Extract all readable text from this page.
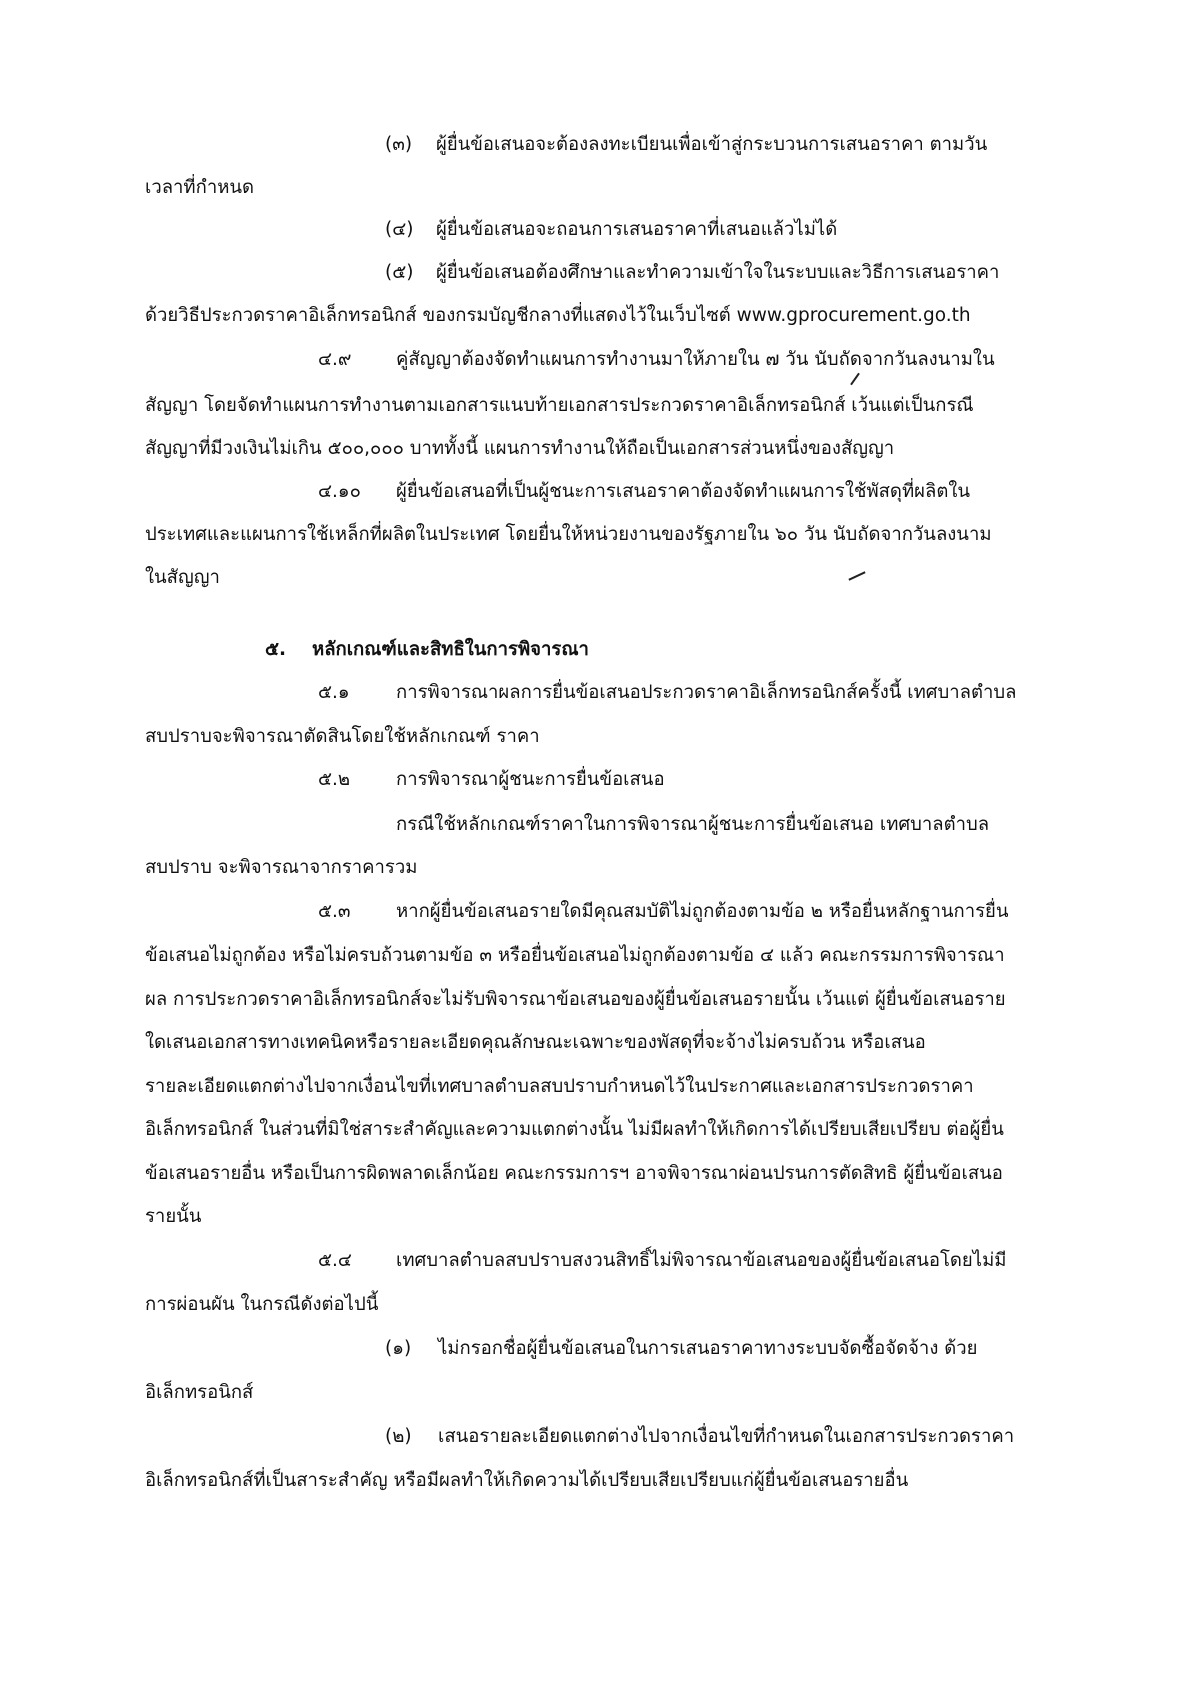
(๓) ผู้ยื่นข้อเสนอจะต้องลงทะเบียนเพื่อเข้าสู่กระบวนการเสนอราคา ตามวัน
เวลาที่กำหนด
(๔) ผู้ยื่นข้อเสนอจะถอนการเสนอราคาที่เสนอแล้วไม่ได้
(๕) ผู้ยื่นข้อเสนอต้องศึกษาและทำความเข้าใจในระบบและวิธีการเสนอราคา
ด้วยวิธีประกวดราคาอิเล็กทรอนิกส์ ของกรมบัญชีกลางที่แสดงไว้ในเว็บไซต์ www.gprocurement.go.th
๔.๙ คู่สัญญาต้องจัดทำแผนการทำงานมาให้ภายใน ๗ วัน นับถัดจากวันลงนามใน
สัญญา โดยจัดทำแผนการทำงานตามเอกสารแนบท้ายเอกสารประกวดราคาอิเล็กทรอนิกส์ เว้นแต่เป็นกรณี
สัญญาที่มีวงเงินไม่เกิน ๕๐๐,๐๐๐ บาททั้งนี้ แผนการทำงานให้ถือเป็นเอกสารส่วนหนึ่งของสัญญา
๔.๑๐ ผู้ยื่นข้อเสนอที่เป็นผู้ชนะการเสนอราคาต้องจัดทำแผนการใช้พัสดุที่ผลิตใน
ประเทศและแผนการใช้เหล็กที่ผลิตในประเทศ โดยยื่นให้หน่วยงานของรัฐภายใน ๖๐ วัน นับถัดจากวันลงนาม
ในสัญญา
๕. หลักเกณฑ์และสิทธิในการพิจารณา
๕.๑	การพิจารณาผลการยื่นข้อเสนอประกวดราคาอิเล็กทรอนิกส์ครั้งนี้ เทศบาลตำบล
สบปราบจะพิจารณาตัดสินโดยใช้หลักเกณฑ์ ราคา
๕.๒ การพิจารณาผู้ชนะการยื่นข้อเสนอ
กรณีใช้หลักเกณฑ์ราคาในการพิจารณาผู้ชนะการยื่นข้อเสนอ เทศบาลตำบล
สบปราบ จะพิจารณาจากราคารวม
๕.๓ หากผู้ยื่นข้อเสนอรายใดมีคุณสมบัติไม่ถูกต้องตามข้อ ๒ หรือยื่นหลักฐานการยื่น
ข้อเสนอไม่ถูกต้อง หรือไม่ครบถ้วนตามข้อ ๓ หรือยื่นข้อเสนอไม่ถูกต้องตามข้อ ๔ แล้ว คณะกรรมการพิจารณา
ผล การประกวดราคาอิเล็กทรอนิกส์จะไม่รับพิจารณาข้อเสนอของผู้ยื่นข้อเสนอรายนั้น เว้นแต่ ผู้ยื่นข้อเสนอราย
ใดเสนอเอกสารทางเทคนิคหรือรายละเอียดคุณลักษณะเฉพาะของพัสดุที่จะจ้างไม่ครบถ้วน หรือเสนอ
รายละเอียดแตกต่างไปจากเงื่อนไขที่เทศบาลตำบลสบปราบกำหนดไว้ในประกาศและเอกสารประกวดราคา
อิเล็กทรอนิกส์ ในส่วนที่มิใช่สาระสำคัญและความแตกต่างนั้น ไม่มีผลทำให้เกิดการได้เปรียบเสียเปรียบ ต่อผู้ยื่น
ข้อเสนอรายอื่น หรือเป็นการผิดพลาดเล็กน้อย คณะกรรมการฯ อาจพิจารณาผ่อนปรนการตัดสิทธิ ผู้ยื่นข้อเสนอ
รายนั้น
๕.๔ เทศบาลตำบลสบปราบสงวนสิทธิ์ไม่พิจารณาข้อเสนอของผู้ยื่นข้อเสนอโดยไม่มี
การผ่อนผัน ในกรณีดังต่อไปนี้
(๑) ไม่กรอกชื่อผู้ยื่นข้อเสนอในการเสนอราคาทางระบบจัดซื้อจัดจ้าง ด้วย
อิเล็กทรอนิกส์
(๒) เสนอรายละเอียดแตกต่างไปจากเงื่อนไขที่กำหนดในเอกสารประกวดราคา
อิเล็กทรอนิกส์ที่เป็นสาระสำคัญ หรือมีผลทำให้เกิดความได้เปรียบเสียเปรียบแก่ผู้ยื่นข้อเสนอรายอื่น
